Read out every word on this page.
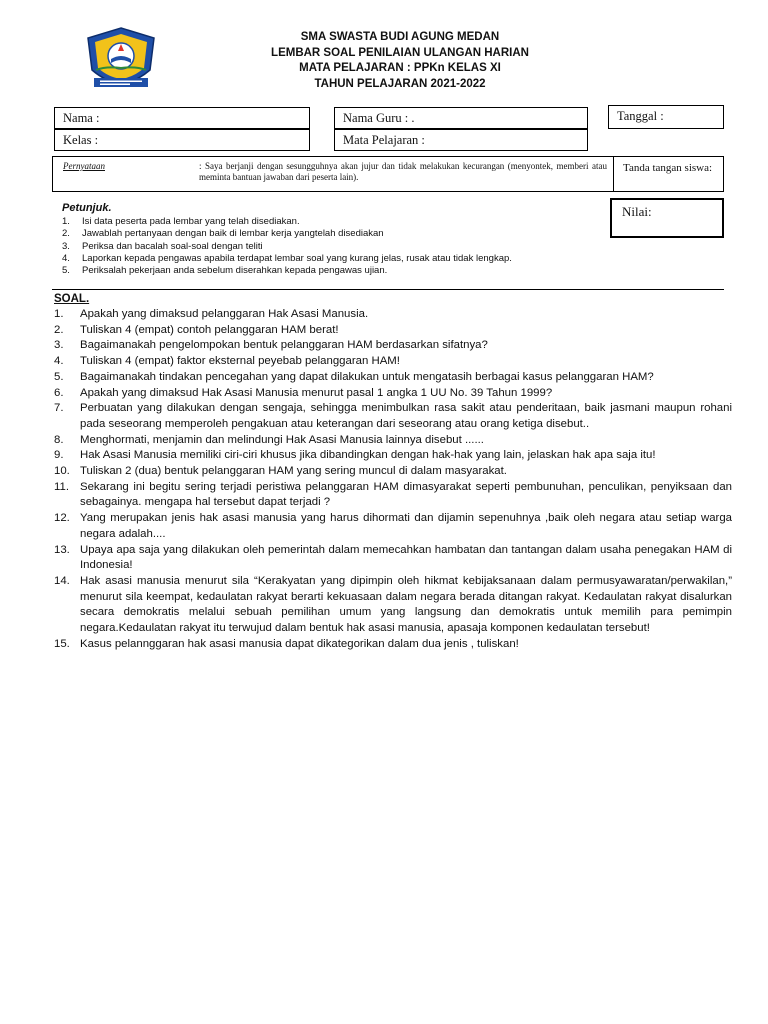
SMA SWASTA BUDI AGUNG MEDAN
LEMBAR SOAL PENILAIAN ULANGAN HARIAN
MATA PELAJARAN : PPKn KELAS XI
TAHUN PELAJARAN 2021-2022
Nama :
Kelas :
Nama Guru : .
Mata Pelajaran :
Tanggal :
Pernyataan	: Saya berjanji dengan sesungguhnya akan jujur dan tidak melakukan kecurangan (menyontek, memberi atau meminta bantuan jawaban dari peserta lain).
Tanda tangan siswa:
Petunjuk.
1.	Isi data peserta pada lembar yang telah disediakan.
2.	Jawablah pertanyaan dengan baik di lembar kerja yangtelah disediakan
3.	Periksa dan bacalah soal-soal dengan teliti
4.	Laporkan kepada pengawas apabila terdapat lembar soal yang kurang jelas, rusak atau tidak lengkap.
5.	Periksalah pekerjaan anda sebelum diserahkan kepada pengawas ujian.
Nilai:
SOAL.
1.	Apakah yang dimaksud pelanggaran Hak Asasi Manusia.
2.	Tuliskan 4 (empat) contoh pelanggaran HAM berat!
3.	Bagaimanakah pengelompokan bentuk pelanggaran HAM berdasarkan sifatnya?
4.	Tuliskan 4 (empat) faktor eksternal peyebab pelanggaran HAM!
5.	Bagaimanakah tindakan pencegahan yang dapat dilakukan untuk mengatasih berbagai kasus pelanggaran HAM?
6.	Apakah yang dimaksud Hak Asasi Manusia menurut pasal 1 angka 1 UU No. 39 Tahun 1999?
7.	Perbuatan yang dilakukan dengan sengaja, sehingga menimbulkan rasa sakit atau penderitaan, baik jasmani maupun rohani pada seseorang memperoleh pengakuan atau keterangan dari seseorang atau orang ketiga disebut..
8.	Menghormati, menjamin dan melindungi Hak Asasi Manusia lainnya disebut ......
9.	Hak Asasi Manusia memiliki ciri-ciri khusus jika dibandingkan dengan hak-hak yang lain, jelaskan hak apa saja itu!
10. Tuliskan 2 (dua) bentuk pelanggaran HAM yang sering muncul di dalam masyarakat.
11. Sekarang ini begitu sering terjadi peristiwa pelanggaran HAM dimasyarakat seperti pembunuhan, penculikan, penyiksaan dan sebagainya. mengapa hal tersebut dapat terjadi ?
12. Yang merupakan jenis hak asasi manusia yang harus dihormati dan dijamin sepenuhnya ,baik oleh negara atau setiap warga negara adalah....
13. Upaya apa saja yang dilakukan oleh pemerintah dalam memecahkan hambatan dan tantangan dalam usaha penegakan HAM di Indonesia!
14. Hak asasi manusia menurut sila “Kerakyatan yang dipimpin oleh hikmat kebijaksanaan dalam permusyawaratan/perwakilan,” menurut sila keempat, kedaulatan rakyat berarti kekuasaan dalam negara berada ditangan rakyat. Kedaulatan rakyat disalurkan secara demokratis melalui sebuah pemilihan umum yang langsung dan demokratis untuk memilih para pemimpin negara.Kedaulatan rakyat itu terwujud dalam bentuk hak asasi manusia, apasaja komponen kedaulatan tersebut!
15. Kasus pelannggaran hak asasi manusia dapat dikategorikan dalam dua jenis , tuliskan!
